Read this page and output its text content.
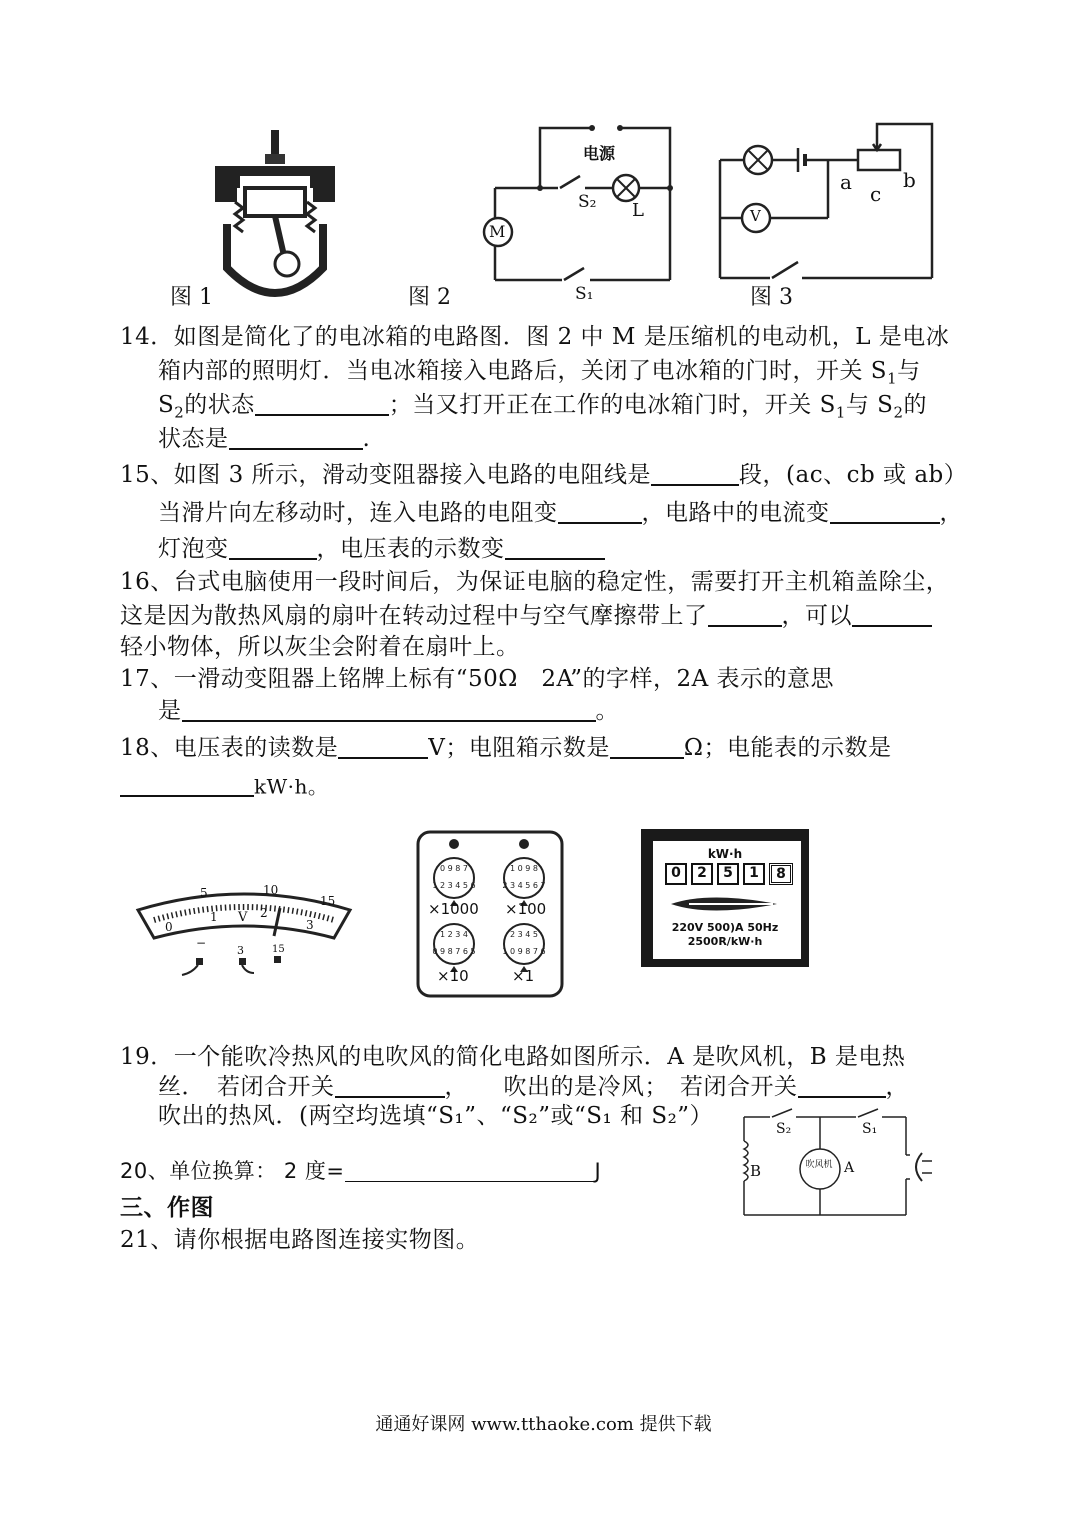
图 1
电源
M
L
S₂
S₁
图 2
V
a c
b
图 3
14．如图是简化了的电冰箱的电路图．图 2 中 M 是压缩机的电动机，L 是电冰
箱内部的照明灯．当电冰箱接入电路后，关闭了电冰箱的门时，开关 $S_1$与
$S_2$的状态	；当又打开正在工作的电冰箱门时，开关 $S_1$与 $S_2$的
状态是	.
15、如图 3 所示，滑动变阻器接入电路的电阻线是	段，(ac、cb 或 ab）
当滑片向左移动时，连入电路的电阻变	，电路中的电流变	，
灯泡变	，电压表的示数变
16、台式电脑使用一段时间后，为保证电脑的稳定性，需要打开主机箱盖除尘，
这是因为散热风扇的扇叶在转动过程中与空气摩擦带上了	，可以
轻小物体，所以灰尘会附着在扇叶上。
17、一滑动变阻器上铭牌上标有“50Ω　2A”的字样，2A 表示的意思
是	。
18、电压表的读数是	V；电阻箱示数是	Ω；电能表的示数是
kW·h。
5	10
15
0
1 V 2
3
−
3	15
0 9 8 7
1 2 3 4 5 6
1 0 9 8
2 3 4 5 6 7
1 2 3 4
0 9 8 7 6 5
2 3 4 5
1 0 9 8 7 6
×1000 ×100
×10	×1
kW·h
0	2	5	1	8
220V 500)A 50Hz
2500R/kW·h
19．一个能吹冷热风的电吹风的简化电路如图所示．A 是吹风机，B 是电热
丝．　若闭合开关	，　　吹出的是冷风；　若闭合开关	，
吹出的热风．(两空均选填“S₁”、“S₂”或“S₁ 和 S₂”）	S₂	S₁
B	吹风机 A
20、单位换算： 2 度=	J
三、作图
21、请你根据电路图连接实物图。
通通好课网 www.tthaoke.com 提供下载
